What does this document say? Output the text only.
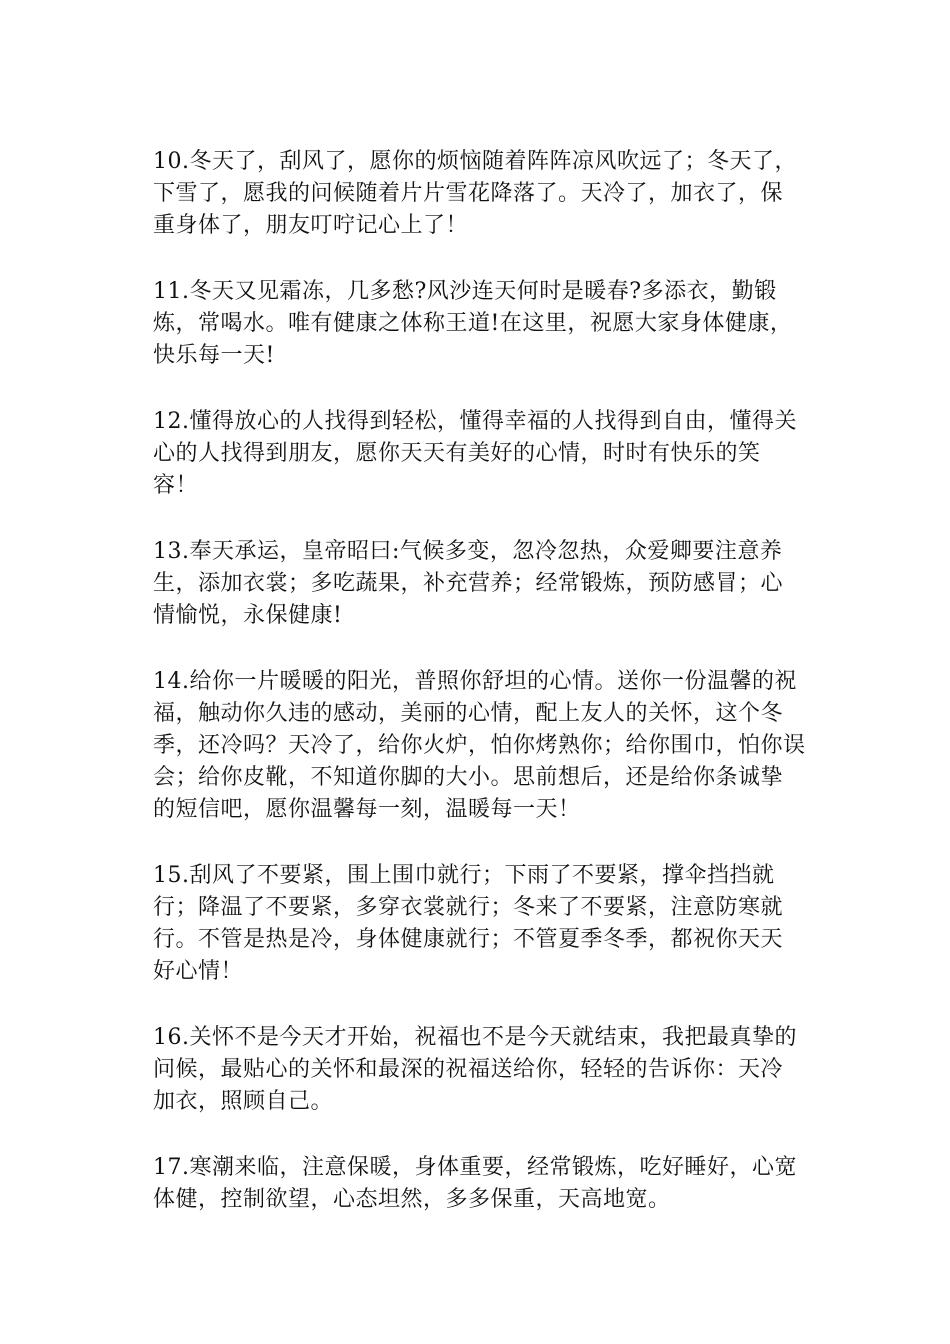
10.冬天了，刮风了，愿你的烦恼随着阵阵凉风吹远了；冬天了，
下雪了，愿我的问候随着片片雪花降落了。天冷了，加衣了，保
重身体了，朋友叮咛记心上了！

11.冬天又见霜冻，几多愁?风沙连天何时是暖春?多添衣，勤锻
炼，常喝水。唯有健康之体称王道!在这里，祝愿大家身体健康，
快乐每一天!

12.懂得放心的人找得到轻松，懂得幸福的人找得到自由，懂得关
心的人找得到朋友，愿你天天有美好的心情，时时有快乐的笑
容！

13.奉天承运，皇帝昭曰:气候多变，忽冷忽热，众爱卿要注意养
生，添加衣裳；多吃蔬果，补充营养；经常锻炼，预防感冒；心
情愉悦，永保健康!

14.给你一片暖暖的阳光，普照你舒坦的心情。送你一份温馨的祝
福，触动你久违的感动，美丽的心情，配上友人的关怀，这个冬
季，还冷吗？天冷了，给你火炉，怕你烤熟你；给你围巾，怕你误
会；给你皮靴，不知道你脚的大小。思前想后，还是给你条诚挚
的短信吧，愿你温馨每一刻，温暖每一天！

15.刮风了不要紧，围上围巾就行；下雨了不要紧，撑伞挡挡就
行；降温了不要紧，多穿衣裳就行；冬来了不要紧，注意防寒就
行。不管是热是冷，身体健康就行；不管夏季冬季，都祝你天天
好心情！

16.关怀不是今天才开始，祝福也不是今天就结束，我把最真挚的
问候，最贴心的关怀和最深的祝福送给你，轻轻的告诉你：天冷
加衣，照顾自己。

17.寒潮来临，注意保暖，身体重要，经常锻炼，吃好睡好，心宽
体健，控制欲望，心态坦然，多多保重，天高地宽。
